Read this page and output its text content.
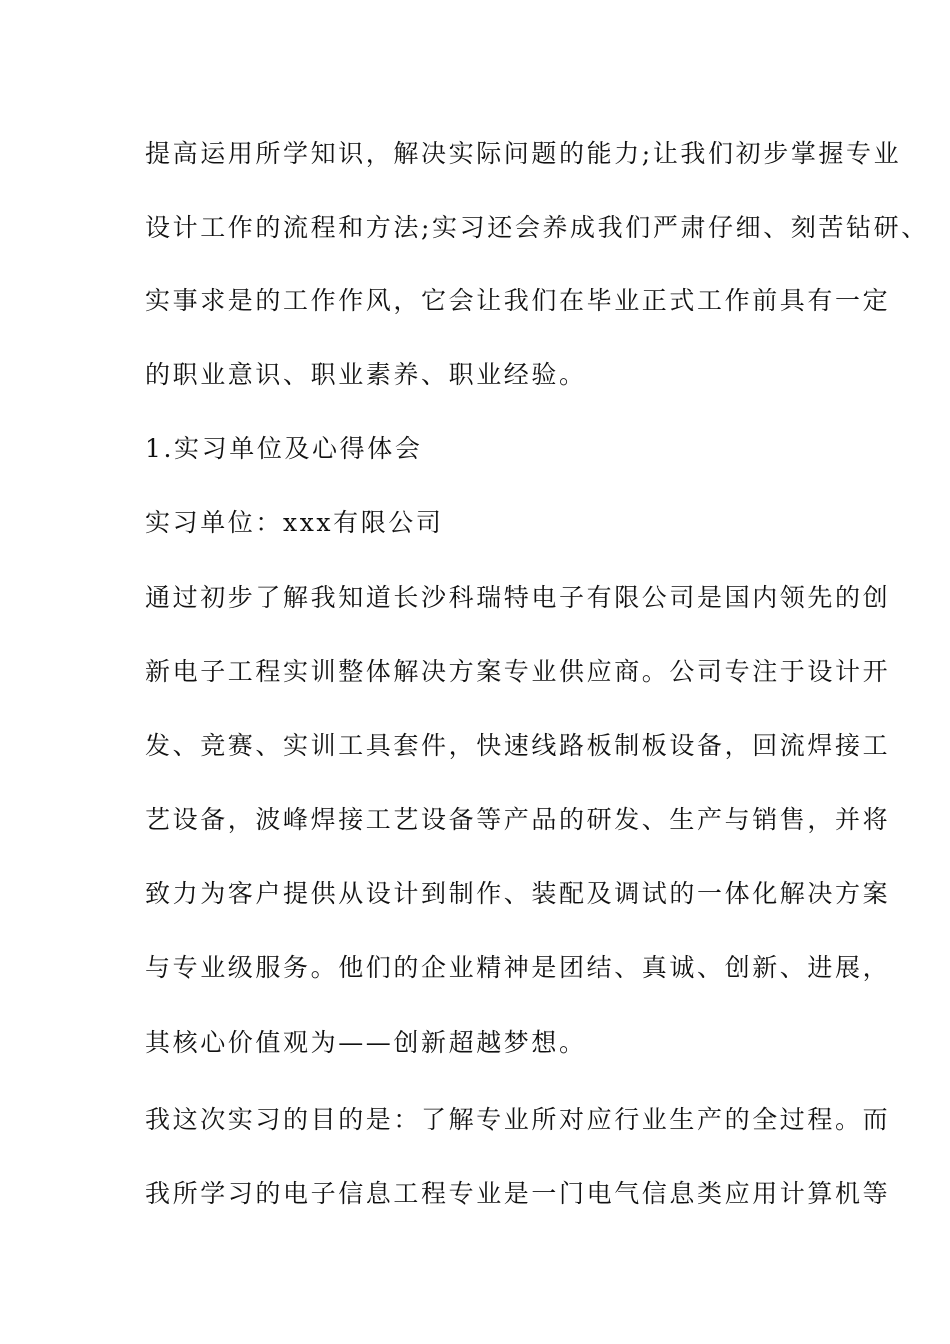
提高运用所学知识，解决实际问题的能力;让我们初步掌握专业
设计工作的流程和方法;实习还会养成我们严肃仔细、刻苦钻研、
实事求是的工作作风，它会让我们在毕业正式工作前具有一定
的职业意识、职业素养、职业经验。
1.实习单位及心得体会
实习单位：xxx有限公司
通过初步了解我知道长沙科瑞特电子有限公司是国内领先的创
新电子工程实训整体解决方案专业供应商。公司专注于设计开
发、竞赛、实训工具套件，快速线路板制板设备，回流焊接工
艺设备，波峰焊接工艺设备等产品的研发、生产与销售，并将
致力为客户提供从设计到制作、装配及调试的一体化解决方案
与专业级服务。他们的企业精神是团结、真诚、创新、进展，
其核心价值观为——创新超越梦想。
我这次实习的目的是：了解专业所对应行业生产的全过程。而
我所学习的电子信息工程专业是一门电气信息类应用计算机等
